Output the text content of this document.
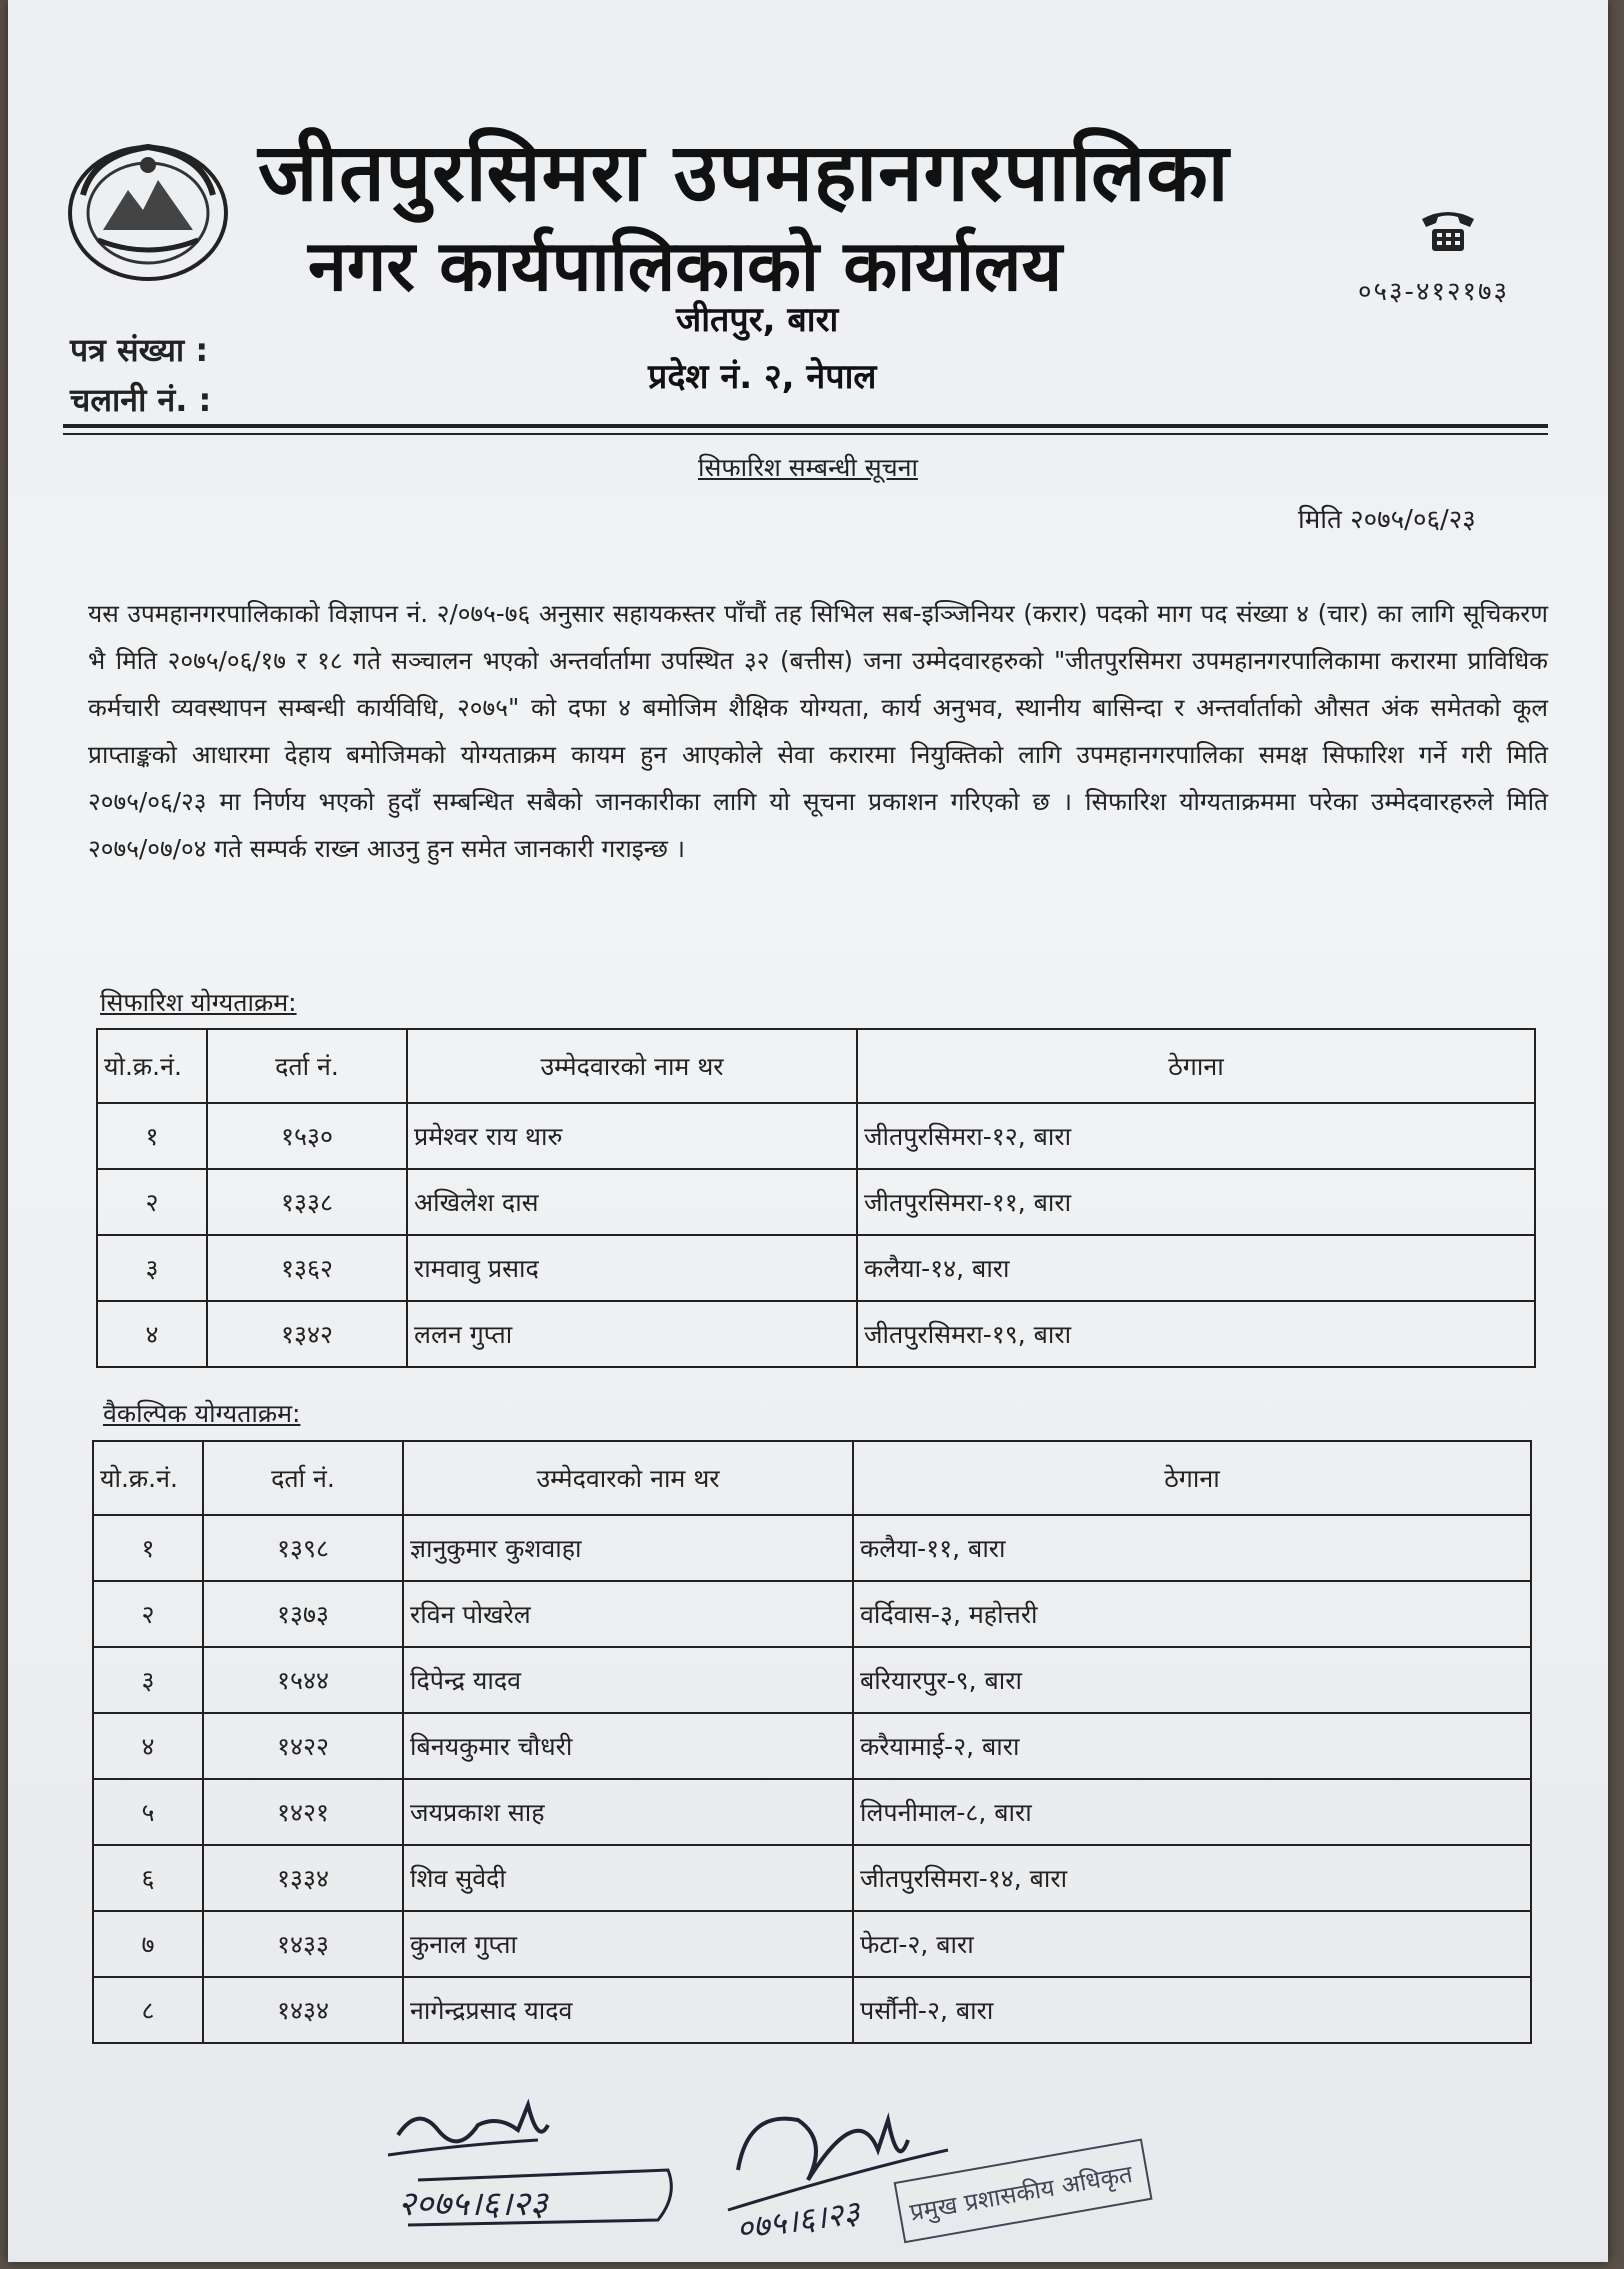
जीतपुरसिमरा उपमहानगरपालिका
नगर कार्यपालिकाको कार्यालय	०५३-४१२१७३
जीतपुर, बारा
प्रदेश नं. २, नेपाल
पत्र संख्या :
चलानी नं. :
सिफारिश सम्बन्धी सूचना
मिति २०७५/०६/२३
यस उपमहानगरपालिकाको विज्ञापन नं. २/०७५-७६ अनुसार सहायकस्तर पाँचौं तह सिभिल सब-इञ्जिनियर (करार) पदको माग पद संख्या ४ (चार) का लागि सूचिकरण भै मिति २०७५/०६/१७ र १८ गते सञ्चालन भएको अन्तर्वार्तामा उपस्थित ३२ (बत्तीस) जना उम्मेदवारहरुको "जीतपुरसिमरा उपमहानगरपालिकामा करारमा प्राविधिक कर्मचारी व्यवस्थापन सम्बन्धी कार्यविधि, २०७५" को दफा ४ बमोजिम शैक्षिक योग्यता, कार्य अनुभव, स्थानीय बासिन्दा र अन्तर्वार्ताको औसत अंक समेतको कूल प्राप्ताङ्कको आधारमा देहाय बमोजिमको योग्यताक्रम कायम हुन आएकोले सेवा करारमा नियुक्तिको लागि उपमहानगरपालिका समक्ष सिफारिश गर्ने गरी मिति २०७५/०६/२३ मा निर्णय भएको हुदाँ सम्बन्धित सबैको जानकारीका लागि यो सूचना प्रकाशन गरिएको छ । सिफारिश योग्यताक्रममा परेका उम्मेदवारहरुले मिति २०७५/०७/०४ गते सम्पर्क राख्न आउनु हुन समेत जानकारी गराइन्छ ।
सिफारिश योग्यताक्रम:
यो.क्र.नं.	दर्ता नं.	उम्मेदवारको नाम थर	ठेगाना
१	१५३०	प्रमेश्वर राय थारु	जीतपुरसिमरा-१२, बारा
२	१३३८	अखिलेश दास	जीतपुरसिमरा-११, बारा
३	१३६२	रामवावु प्रसाद	कलैया-१४, बारा
४	१३४२	ललन गुप्ता	जीतपुरसिमरा-१९, बारा
वैकल्पिक योग्यताक्रम:
यो.क्र.नं.	दर्ता नं.	उम्मेदवारको नाम थर	ठेगाना
१	१३९८	ज्ञानुकुमार कुशवाहा	कलैया-११, बारा
२	१३७३	रविन पोखरेल	वर्दिवास-३, महोत्तरी
३	१५४४	दिपेन्द्र यादव	बरियारपुर-९, बारा
४	१४२२	बिनयकुमार चौधरी	करैयामाई-२, बारा
५	१४२१	जयप्रकाश साह	लिपनीमाल-८, बारा
६	१३३४	शिव सुवेदी	जीतपुरसिमरा-१४, बारा
७	१४३३	कुनाल गुप्ता	फेटा-२, बारा
८	१४३४	नागेन्द्रप्रसाद यादव	पर्सौनी-२, बारा
२०७५।६।२३	०७५।६।२३ प्रमुख प्रशासकीय अधिकृत
